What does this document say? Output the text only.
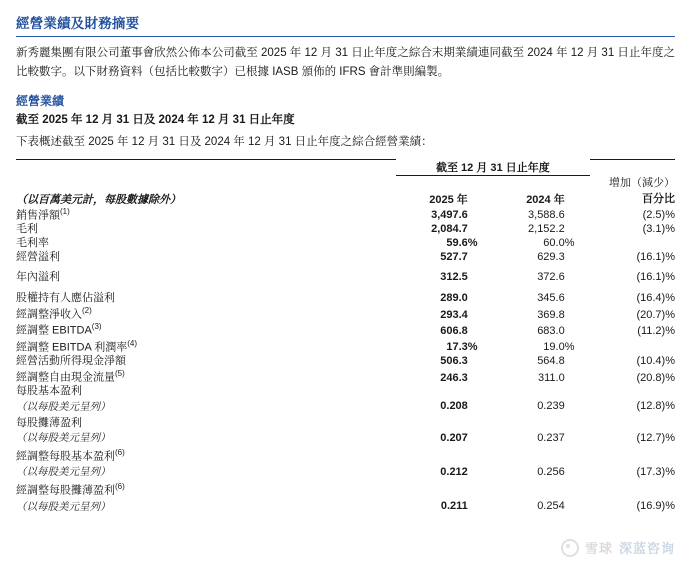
經營業績及財務摘要

新秀麗集團有限公司董事會欣然公佈本公司截至 2025 年 12 月 31 日止年度之綜合末期業績連同截至 2024 年 12 月 31 日止年度之比較數字。以下財務資料（包括比較數字）已根據 IASB 頒佈的 IFRS 會計準則編製。

經營業績
截至 2025 年 12 月 31 日及 2024 年 12 月 31 日止年度
下表概述截至 2025 年 12 月 31 日及 2024 年 12 月 31 日止年度之綜合經營業績：
	截至 12 月 31 日止年度				
					增加（減少）
（以百萬美元計，每股數據除外）	2025 年		2024 年		百分比
銷售淨額$^{(1)}$	3,497.6		3,588.6		(2.5)%
毛利	2,084.7		2,152.2		(3.1)%
毛利率	59.6	%	60.0	%	
經營溢利	527.7		629.3		(16.1)%

年內溢利	312.5		372.6		(16.1)%

股權持有人應佔溢利	289.0		345.6		(16.4)%
經調整淨收入$^{(2)}$	293.4		369.8		(20.7)%
經調整 EBITDA$^{(3)}$	606.8		683.0		(11.2)%
經調整 EBITDA 利潤率$^{(4)}$	17.3	%	19.0	%	
經營活動所得現金淨額	506.3		564.8		(10.4)%
經調整自由現金流量$^{(5)}$	246.3		311.0		(20.8)%
每股基本盈利					
（以每股美元呈列）	0.208		0.239		(12.8)%
每股攤薄盈利					
（以每股美元呈列）	0.207		0.237		(12.7)%
經調整每股基本盈利$^{(6)}$					
（以每股美元呈列）	0.212		0.256		(17.3)%
經調整每股攤薄盈利$^{(6)}$					
（以每股美元呈列）	0.211		0.254		(16.9)%

雪球 深蓝咨询
